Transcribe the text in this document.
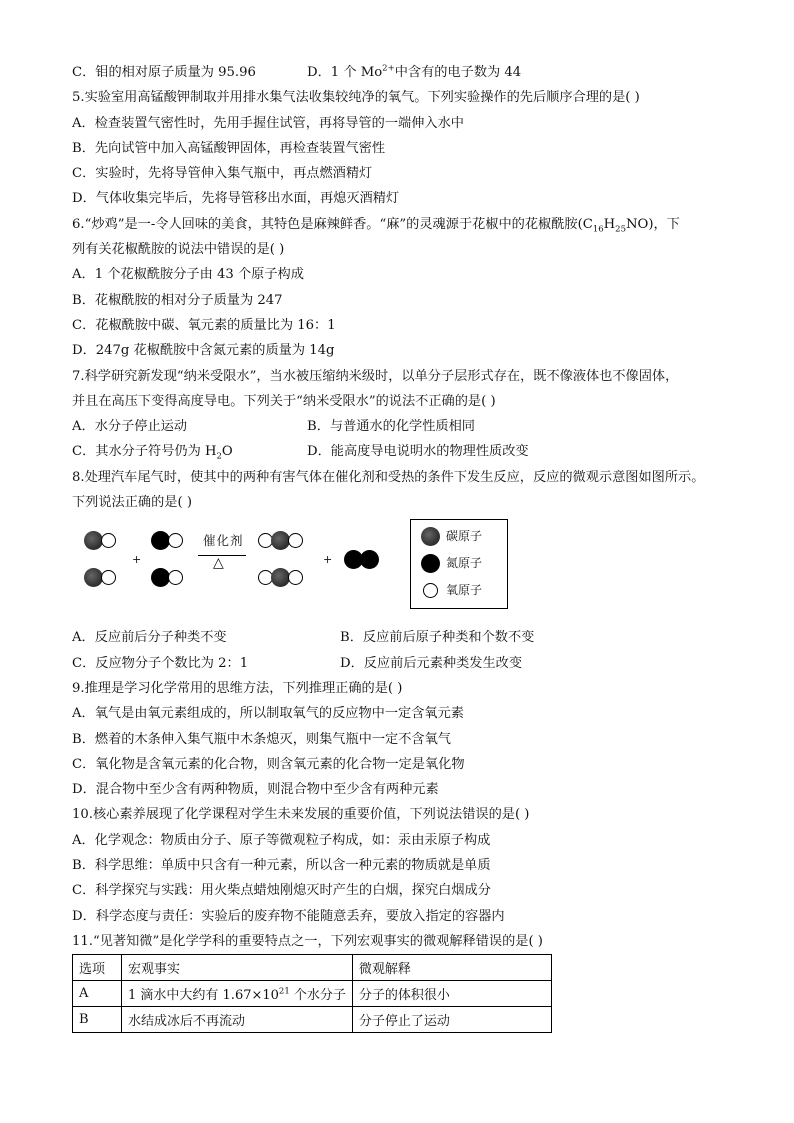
C．钼的相对原子质量为 95.96	D．1 个 $Mo^{2+}$中含有的电子数为 44
5.实验室用高锰酸钾制取并用排水集气法收集较纯净的氧气。下列实验操作的先后顺序合理的是( )
A．检查装置气密性时，先用手握住试管，再将导管的一端伸入水中
B．先向试管中加入高锰酸钾固体，再检查装置气密性
C．实验时，先将导管伸入集气瓶中，再点燃酒精灯
D．气体收集完毕后，先将导管移出水面，再熄灭酒精灯
6.“炒鸡”是一-令人回味的美食，其特色是麻辣鲜香。“麻”的灵魂源于花椒中的花椒酰胺$(C_{16}H_{25}NO)$，下
列有关花椒酰胺的说法中错误的是( )
A．1 个花椒酰胺分子由 43 个原子构成
B．花椒酰胺的相对分子质量为 247
C．花椒酰胺中碳、氧元素的质量比为 16：1
D．247g 花椒酰胺中含氮元素的质量为 14g
7.科学研究新发现“纳米受限水”，当水被压缩纳米级时，以单分子层形式存在，既不像液体也不像固体，
并且在高压下变得高度导电。下列关于“纳米受限水”的说法不正确的是( )
A．水分子停止运动	B．与普通水的化学性质相同
C．其水分子符号仍为 $H_2O$	D．能高度导电说明水的物理性质改变
8.处理汽车尾气时，使其中的两种有害气体在催化剂和受热的条件下发生反应，反应的微观示意图如图所示。
下列说法正确的是( )
+
催化剂
△	+
碳原子
氮原子
氧原子
A．反应前后分子种类不变	B．反应前后原子种类和个数不变
C．反应物分子个数比为 2：1	D．反应前后元素种类发生改变
9.推理是学习化学常用的思维方法，下列推理正确的是( )
A．氧气是由氧元素组成的，所以制取氧气的反应物中一定含氧元素
B．燃着的木条伸入集气瓶中木条熄灭，则集气瓶中一定不含氧气
C．氧化物是含氧元素的化合物，则含氧元素的化合物一定是氧化物
D．混合物中至少含有两种物质，则混合物中至少含有两种元素
10.核心素养展现了化学课程对学生未来发展的重要价值，下列说法错误的是( )
A．化学观念：物质由分子、原子等微观粒子构成，如：汞由汞原子构成
B．科学思维：单质中只含有一种元素，所以含一种元素的物质就是单质
C．科学探究与实践：用火柴点蜡烛刚熄灭时产生的白烟，探究白烟成分
D．科学态度与责任：实验后的废弃物不能随意丢弃，要放入指定的容器内
11.“见著知微”是化学学科的重要特点之一，下列宏观事实的微观解释错误的是( )
选项	宏观事实	微观解释
A	1 滴水中大约有 $1.67\times 10^{21}$ 个水分子	分子的体积很小
B	水结成冰后不再流动	分子停止了运动
